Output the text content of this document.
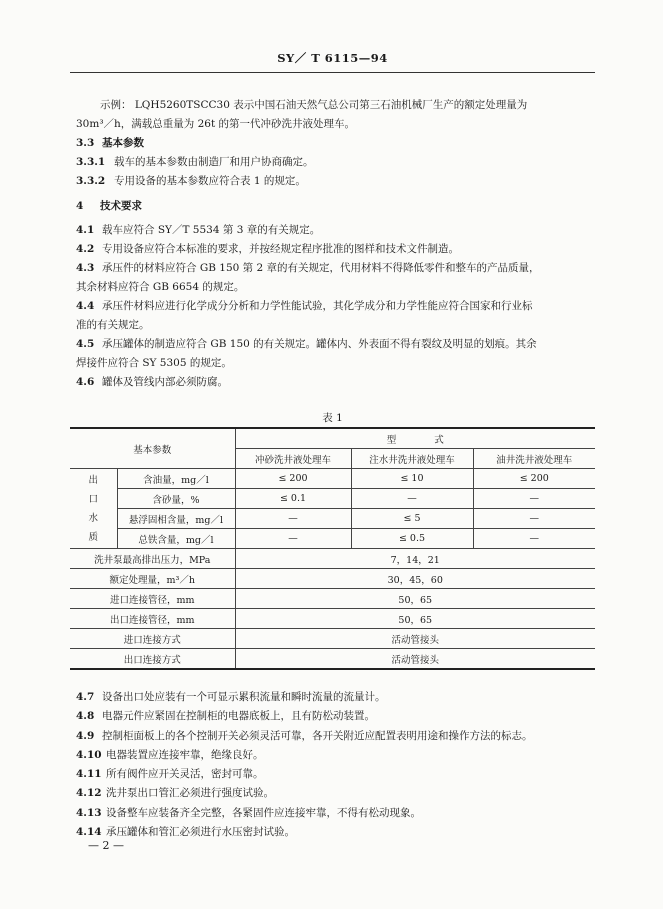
SY／ T 6115—94
示例： LQH5260TSCC30 表示中国石油天然气总公司第三石油机械厂生产的额定处理量为
30m³／h，满载总重量为 26t 的第一代冲砂洗井液处理车。
3.3 基本参数
3.3.1 载车的基本参数由制造厂和用户协商确定。
3.3.2 专用设备的基本参数应符合表 1 的规定。
4	技术要求
4.1 载车应符合 SY／T 5534 第 3 章的有关规定。
4.2 专用设备应符合本标准的要求，并按经规定程序批准的图样和技术文件制造。
4.3 承压件的材料应符合 GB 150 第 2 章的有关规定，代用材料不得降低零件和整车的产品质量，
其余材料应符合 GB 6654 的规定。
4.4 承压件材料应进行化学成分分析和力学性能试验，其化学成分和力学性能应符合国家和行业标
准的有关规定。
4.5 承压罐体的制造应符合 GB 150 的有关规定。罐体内、外表面不得有裂纹及明显的划痕。其余
焊接件应符合 SY 5305 的规定。
4.6 罐体及管线内部必须防腐。
表 1
基本参数		型　　　　式		
		冲砂洗井液处理车	注水井洗井液处理车	油井洗井液处理车

出
口
水
质	含油量，mg／l	≤ 200	≤ 10	≤ 200
	含砂量，%	≤ 0.1	—	—
	悬浮固相含量，mg／l	—	≤ 5	—
	总铁含量，mg／l	—	≤ 0.5	—
洗井泵最高排出压力，MPa		7，14，21		
额定处理量，m³／h		30，45，60		
进口连接管径，mm		50，65		
出口连接管径，mm		50，65		
进口连接方式		活动管接头		
出口连接方式		活动管接头		
4.7 设备出口处应装有一个可显示累积流量和瞬时流量的流量计。
4.8 电器元件应紧固在控制柜的电器底板上，且有防松动装置。
4.9 控制柜面板上的各个控制开关必须灵活可靠，各开关附近应配置表明用途和操作方法的标志。
4.10 电器装置应连接牢靠，绝缘良好。
4.11 所有阀件应开关灵活，密封可靠。
4.12 洗井泵出口管汇必须进行强度试验。
4.13 设备整车应装备齐全完整，各紧固件应连接牢靠，不得有松动现象。
4.14 承压罐体和管汇必须进行水压密封试验。
— 2 —
